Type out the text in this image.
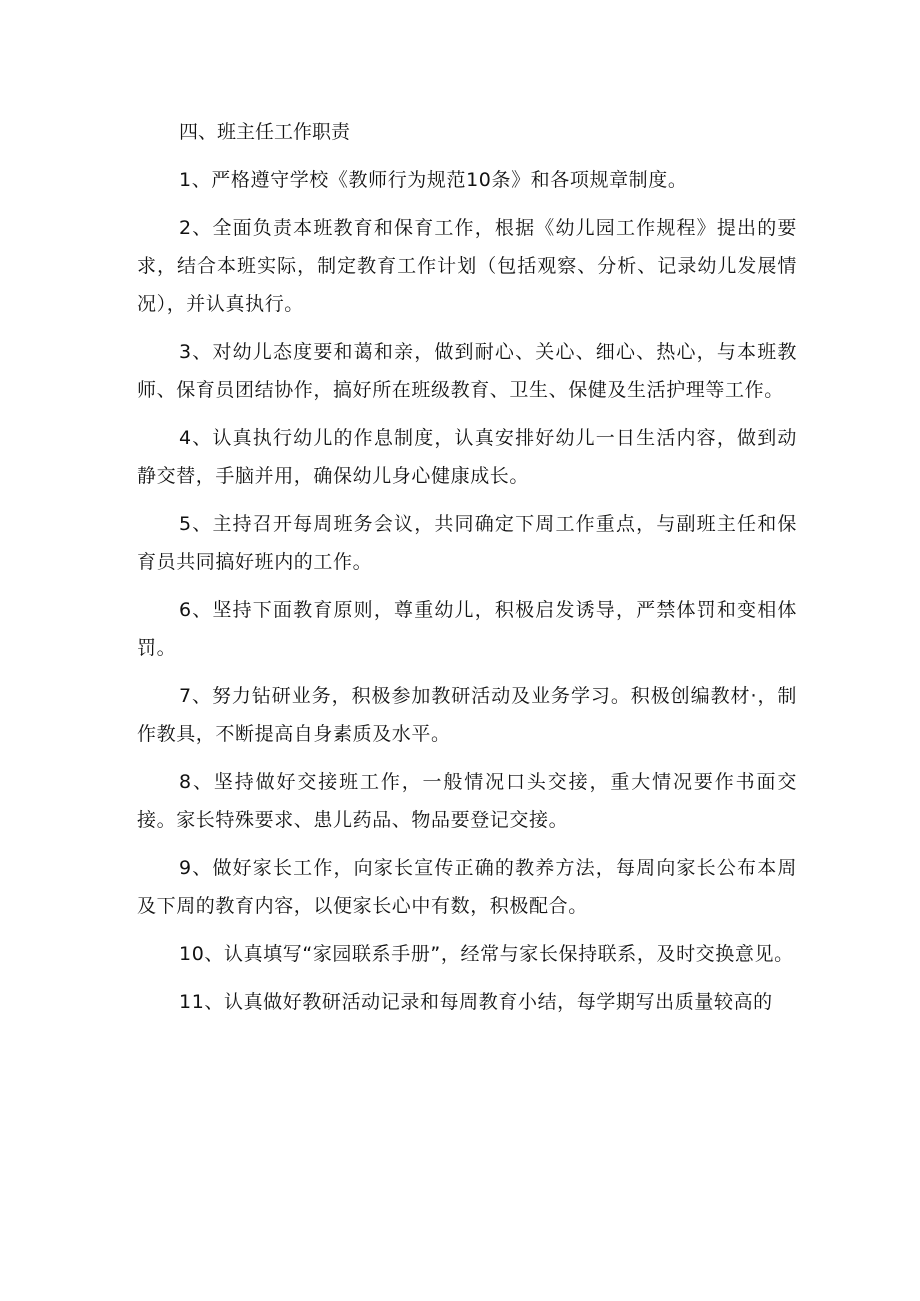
四、班主任工作职责

1、严格遵守学校《教师行为规范10条》和各项规章制度。

2、全面负责本班教育和保育工作，根据《幼儿园工作规程》提出的要求，结合本班实际，制定教育工作计划（包括观察、分析、记录幼儿发展情况），并认真执行。

3、对幼儿态度要和蔼和亲，做到耐心、关心、细心、热心，与本班教师、保育员团结协作，搞好所在班级教育、卫生、保健及生活护理等工作。

4、认真执行幼儿的作息制度，认真安排好幼儿一日生活内容，做到动静交替，手脑并用，确保幼儿身心健康成长。

5、主持召开每周班务会议，共同确定下周工作重点，与副班主任和保育员共同搞好班内的工作。

6、坚持下面教育原则，尊重幼儿，积极启发诱导，严禁体罚和变相体罚。

7、努力钻研业务，积极参加教研活动及业务学习。积极创编教材·，制作教具，不断提高自身素质及水平。

8、坚持做好交接班工作，一般情况口头交接，重大情况要作书面交接。家长特殊要求、患儿药品、物品要登记交接。

9、做好家长工作，向家长宣传正确的教养方法，每周向家长公布本周及下周的教育内容，以便家长心中有数，积极配合。

10、认真填写“家园联系手册”，经常与家长保持联系，及时交换意见。

11、认真做好教研活动记录和每周教育小结，每学期写出质量较高的
